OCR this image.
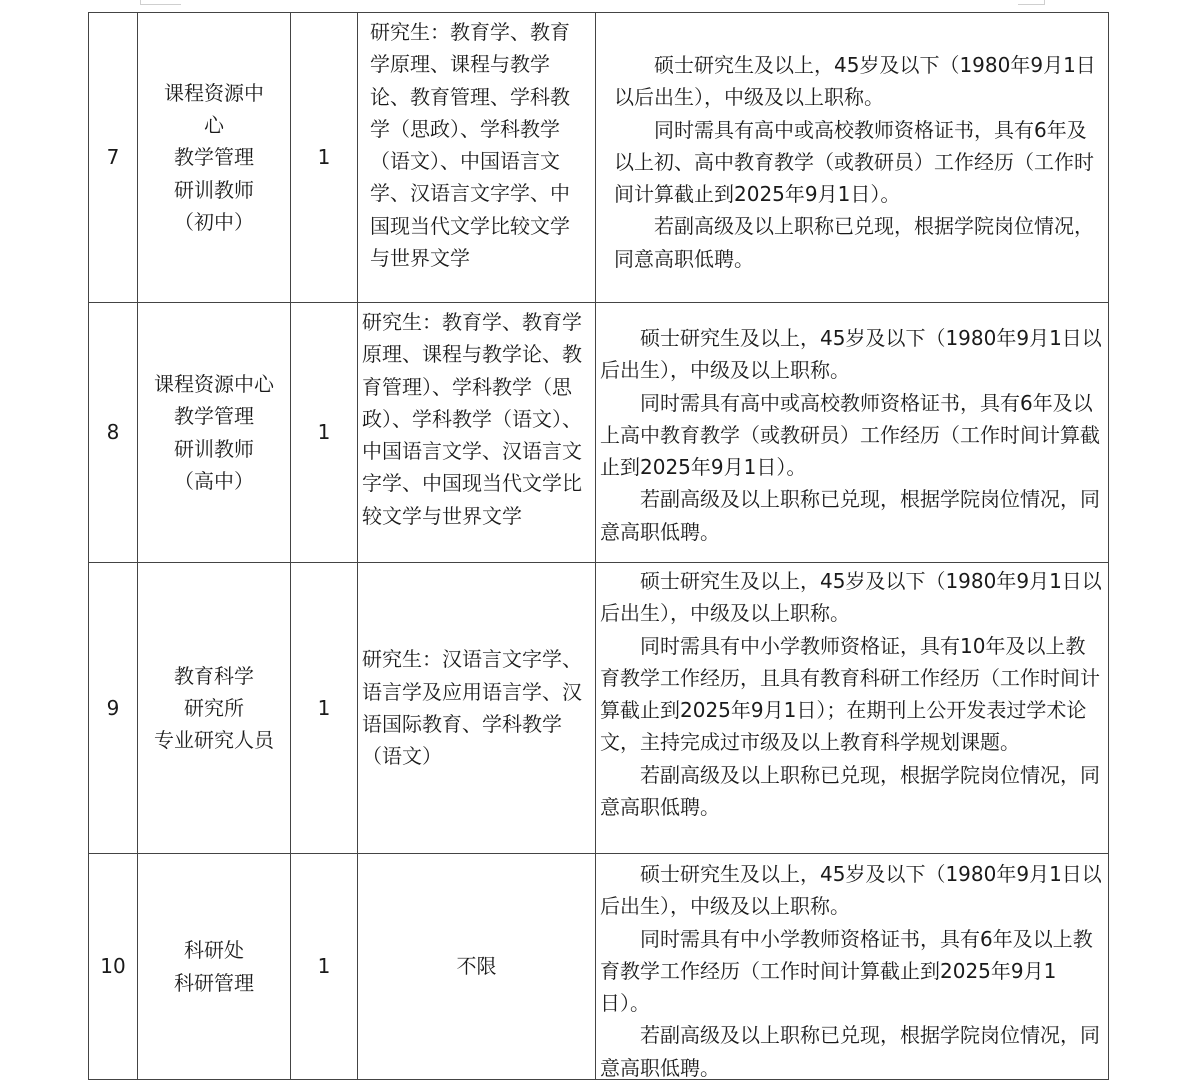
7
课程资源中
心
教学管理
研训教师
（初中）
1
研究生：教育学、教育学原理、课程与教学论、教育管理、学科教学（思政）、学科教学（语文）、中国语言文学、汉语言文字学、中国现当代文学比较文学与世界文学

硕士研究生及以上，45岁及以下（1980年9月1日以后出生），中级及以上职称。

同时需具有高中或高校教师资格证书，具有6年及以上初、高中教育教学（或教研员）工作经历（工作时间计算截止到2025年9月1日）。

若副高级及以上职称已兑现，根据学院岗位情况，同意高职低聘。

8
课程资源中心
教学管理
研训教师
（高中）
1
研究生：教育学、教育学原理、课程与教学论、教育管理）、学科教学（思政）、学科教学（语文）、中国语言文学、汉语言文字学、中国现当代文学比较文学与世界文学

硕士研究生及以上，45岁及以下（1980年9月1日以后出生），中级及以上职称。

同时需具有高中或高校教师资格证书，具有6年及以上高中教育教学（或教研员）工作经历（工作时间计算截止到2025年9月1日）。

若副高级及以上职称已兑现，根据学院岗位情况，同意高职低聘。

9
教育科学
研究所
专业研究人员
1
研究生：汉语言文字学、语言学及应用语言学、汉语国际教育、学科教学（语文）

硕士研究生及以上，45岁及以下（1980年9月1日以后出生），中级及以上职称。

同时需具有中小学教师资格证，具有10年及以上教育教学工作经历，且具有教育科研工作经历（工作时间计算截止到2025年9月1日）；在期刊上公开发表过学术论文，主持完成过市级及以上教育科学规划课题。

若副高级及以上职称已兑现，根据学院岗位情况，同意高职低聘。

10
科研处
科研管理
1	不限

硕士研究生及以上，45岁及以下（1980年9月1日以后出生），中级及以上职称。

同时需具有中小学教师资格证书，具有6年及以上教育教学工作经历（工作时间计算截止到2025年9月1日）。

若副高级及以上职称已兑现，根据学院岗位情况，同意高职低聘。
